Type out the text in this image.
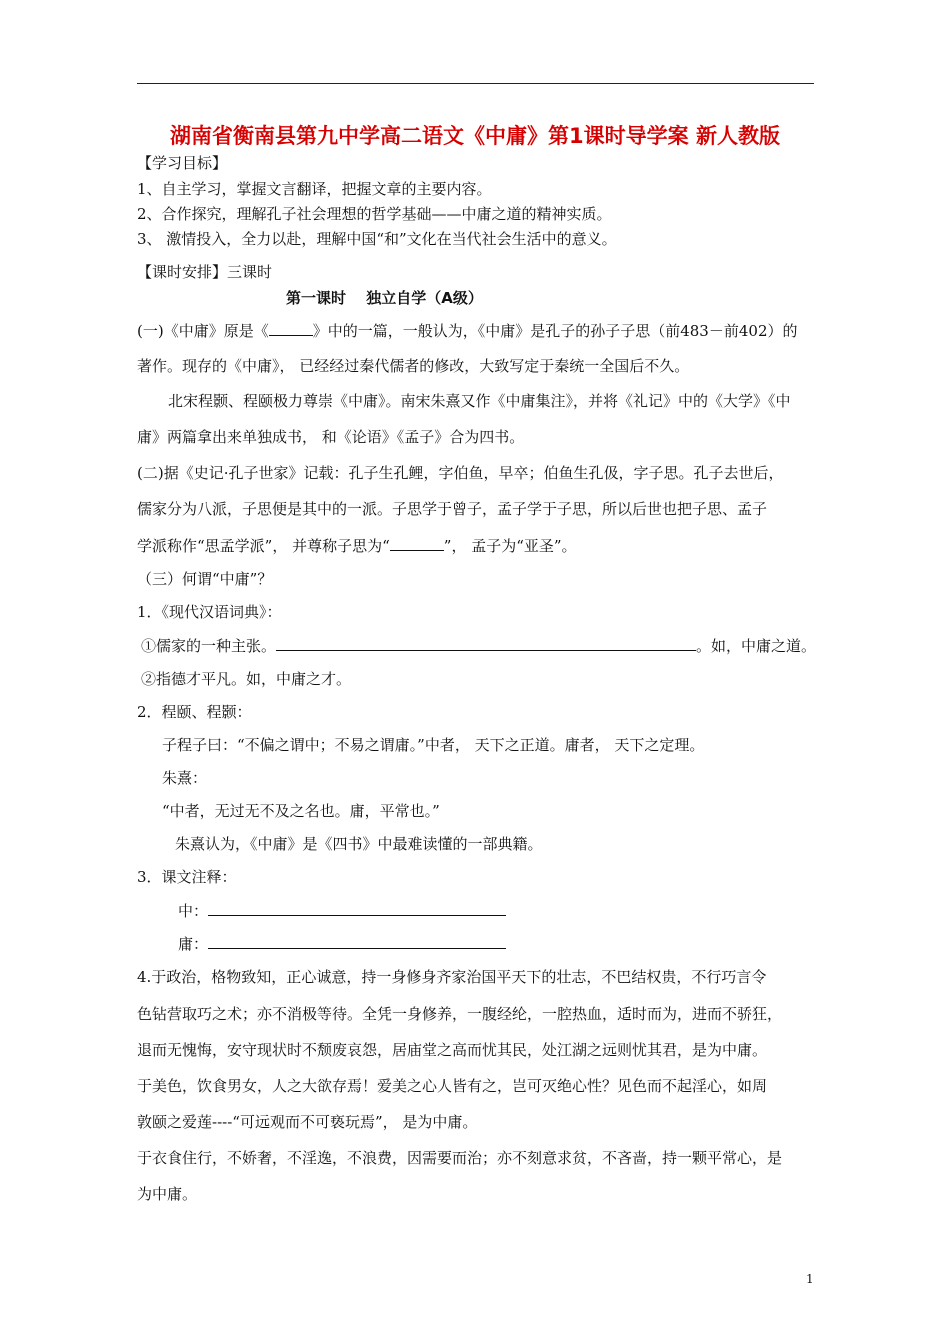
湖南省衡南县第九中学高二语文《中庸》第1课时导学案 新人教版
【学习目标】
1、自主学习，掌握文言翻译，把握文章的主要内容。
2、合作探究，理解孔子社会理想的哲学基础——中庸之道的精神实质。
3、 激情投入，全力以赴，理解中国“和”文化在当代社会生活中的意义。
【课时安排】三课时
第一课时　 独立自学（A级）
(一)《中庸》原是《	》中的一篇，一般认为，《中庸》是孔子的孙子子思（前483－前402）的
著作。现存的《中庸》， 已经经过秦代儒者的修改，大致写定于秦统一全国后不久。
北宋程颢、程颐极力尊崇《中庸》。南宋朱熹又作《中庸集注》，并将《礼记》中的《大学》《中
庸》两篇拿出来单独成书， 和《论语》《孟子》合为四书。
(二)据《史记·孔子世家》记载：孔子生孔鲤，字伯鱼，早卒；伯鱼生孔伋，字子思。孔子去世后，
儒家分为八派，子思便是其中的一派。子思学于曾子，孟子学于子思，所以后世也把子思、孟子
学派称作“思孟学派”， 并尊称子思为“	”， 孟子为“亚圣”。
（三）何谓“中庸”？
1．《现代汉语词典》：
①儒家的一种主张。	。如，中庸之道。
②指德才平凡。如，中庸之才。
2．程颐、程颢：
子程子曰：“不偏之谓中；不易之谓庸。”中者， 天下之正道。庸者， 天下之定理。
朱熹：
“中者，无过无不及之名也。庸，平常也。”
朱熹认为，《中庸》是《四书》中最难读懂的一部典籍。
3．课文注释：
中：
庸：
4.于政治，格物致知，正心诚意，持一身修身齐家治国平天下的壮志，不巴结权贵，不行巧言令
色钻营取巧之术；亦不消极等待。全凭一身修养，一腹经纶，一腔热血，适时而为，进而不骄狂，
退而无愧悔，安守现状时不颓废哀怨，居庙堂之高而忧其民，处江湖之远则忧其君，是为中庸。
于美色，饮食男女，人之大欲存焉！爱美之心人皆有之，岂可灭绝心性？见色而不起淫心，如周
敦颐之爱莲----“可远观而不可亵玩焉”， 是为中庸。
于衣食住行，不娇奢，不淫逸，不浪费，因需要而治；亦不刻意求贫，不吝啬，持一颗平常心，是
为中庸。
1
